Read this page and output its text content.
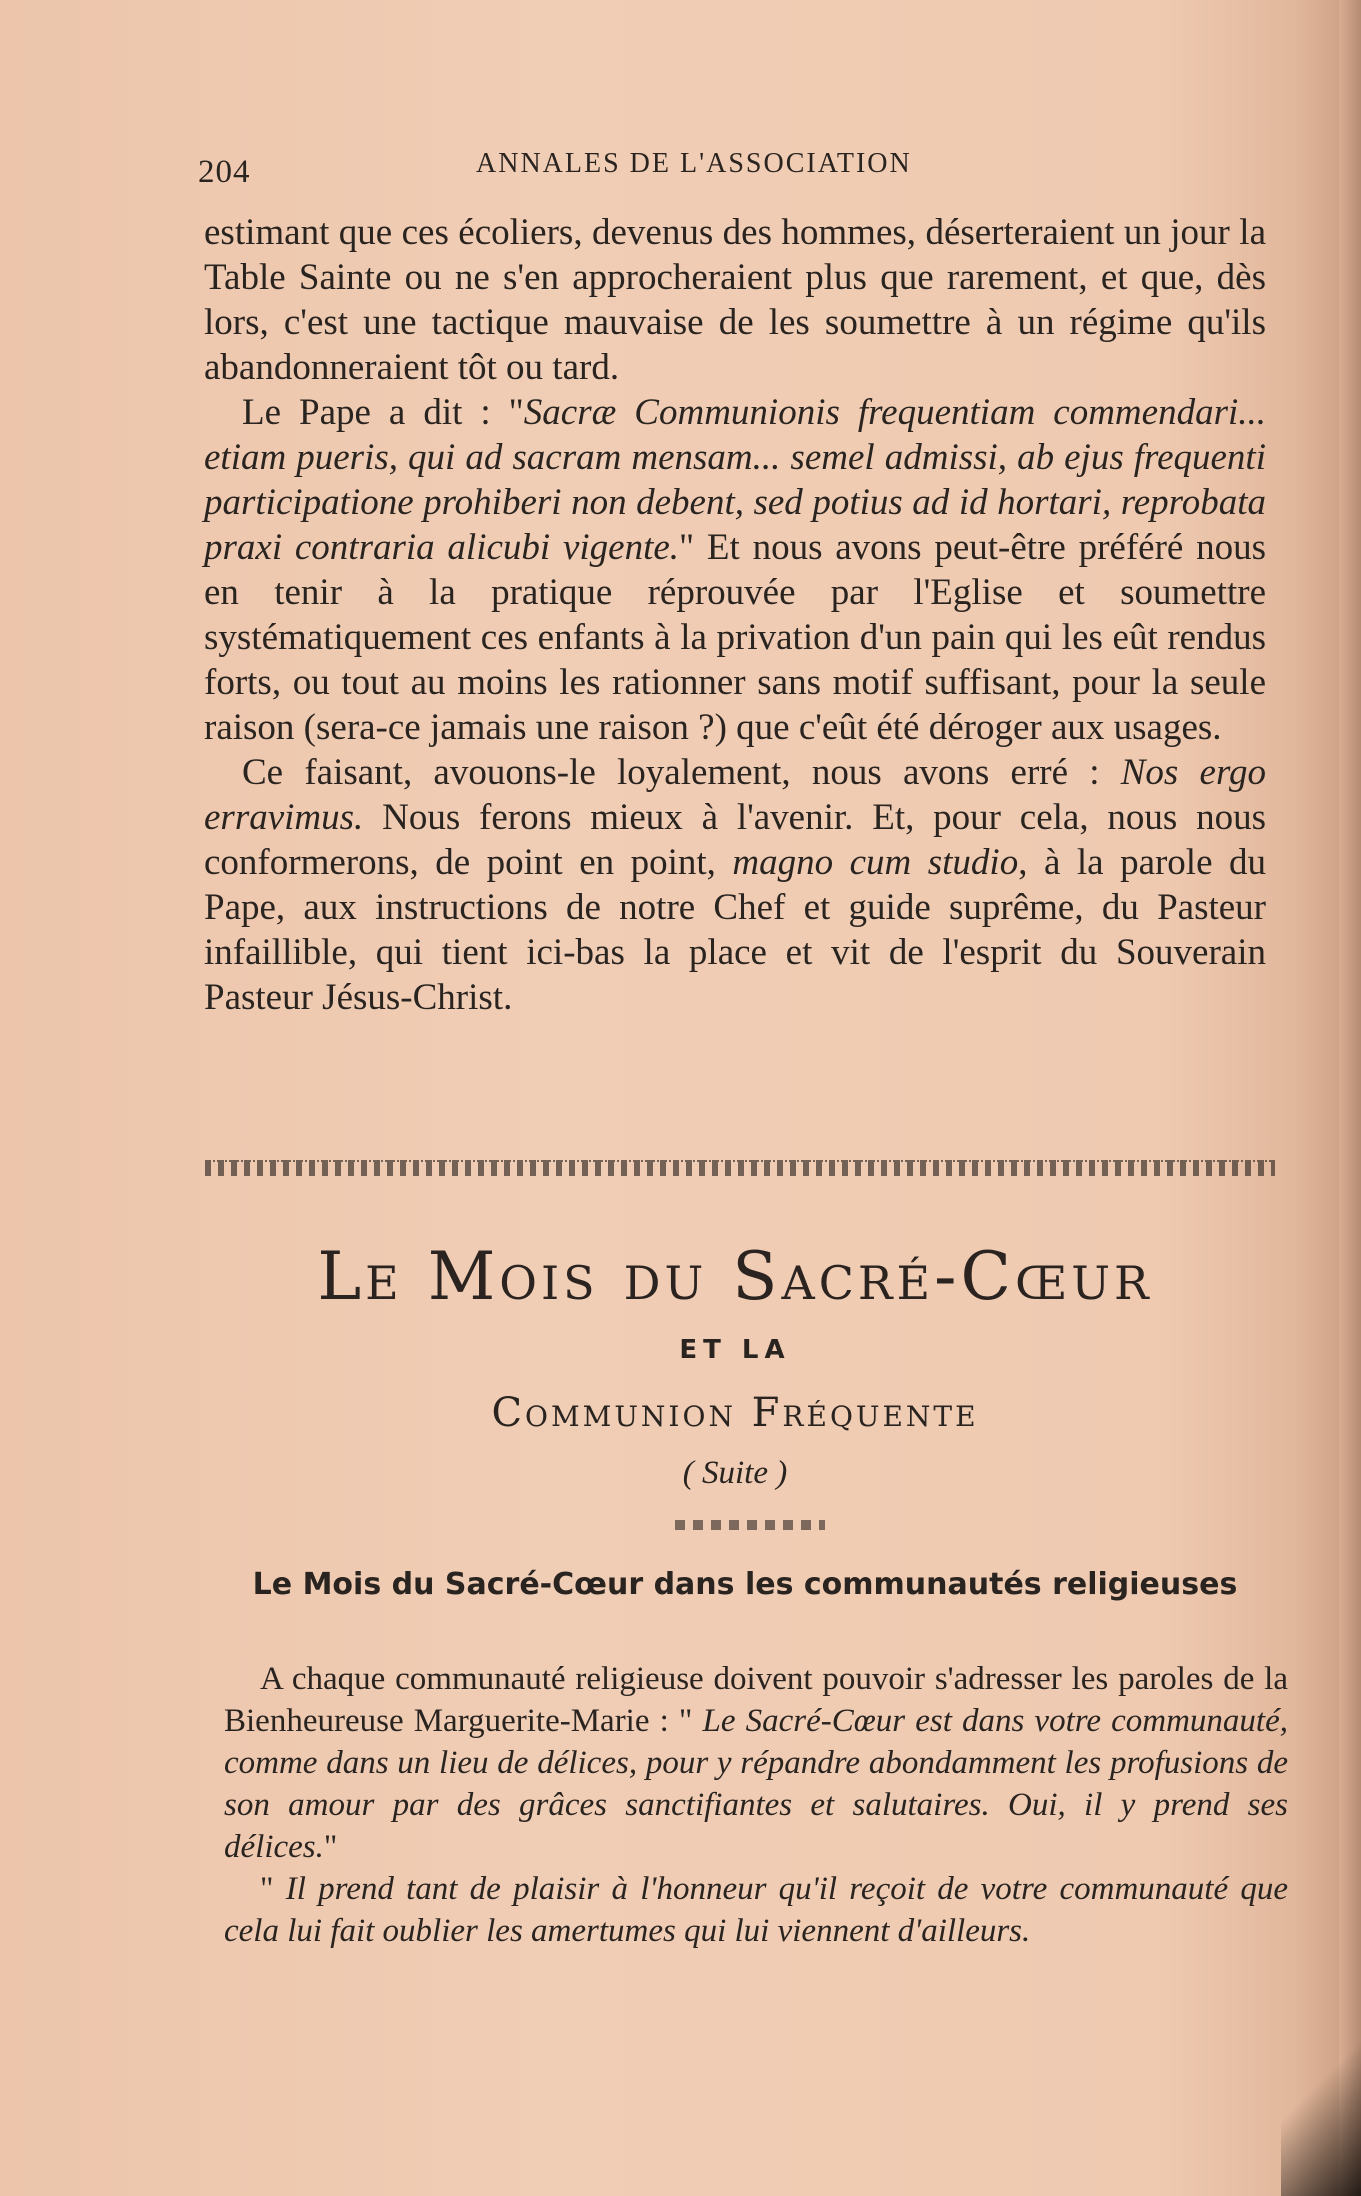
204	ANNALES DE L'ASSOCIATION

estimant que ces écoliers, devenus des hommes, déserteraient un jour la Table Sainte ou ne s'en approcheraient plus que rarement, et que, dès lors, c'est une tactique mauvaise de les soumettre à un régime qu'ils abandonneraient tôt ou tard.

Le Pape a dit : "Sacræ Communionis frequentiam commendari... etiam pueris, qui ad sacram mensam... semel admissi, ab ejus frequenti participatione prohiberi non debent, sed potius ad id hortari, reprobata praxi contraria alicubi vigente." Et nous avons peut-être préféré nous en tenir à la pratique réprouvée par l'Eglise et soumettre systématiquement ces enfants à la privation d'un pain qui les eût rendus forts, ou tout au moins les rationner sans motif suffisant, pour la seule raison (sera-ce jamais une raison ?) que c'eût été déroger aux usages.

Ce faisant, avouons-le loyalement, nous avons erré : Nos ergo erravimus. Nous ferons mieux à l'avenir. Et, pour cela, nous nous conformerons, de point en point, magno cum studio, à la parole du Pape, aux instructions de notre Chef et guide suprême, du Pasteur infaillible, qui tient ici-bas la place et vit de l'esprit du Souverain Pasteur Jésus-Christ.

Le Mois du Sacré-Cœur
ET LA
Communion Fréquente
( Suite )
Le Mois du Sacré-Cœur dans les communautés religieuses

A chaque communauté religieuse doivent pouvoir s'adresser les paroles de la Bienheureuse Marguerite-Marie : " Le Sacré-Cœur est dans votre communauté, comme dans un lieu de délices, pour y répandre abondamment les profusions de son amour par des grâces sanctifiantes et salutaires. Oui, il y prend ses délices."

" Il prend tant de plaisir à l'honneur qu'il reçoit de votre communauté que cela lui fait oublier les amertumes qui lui viennent d'ailleurs.
